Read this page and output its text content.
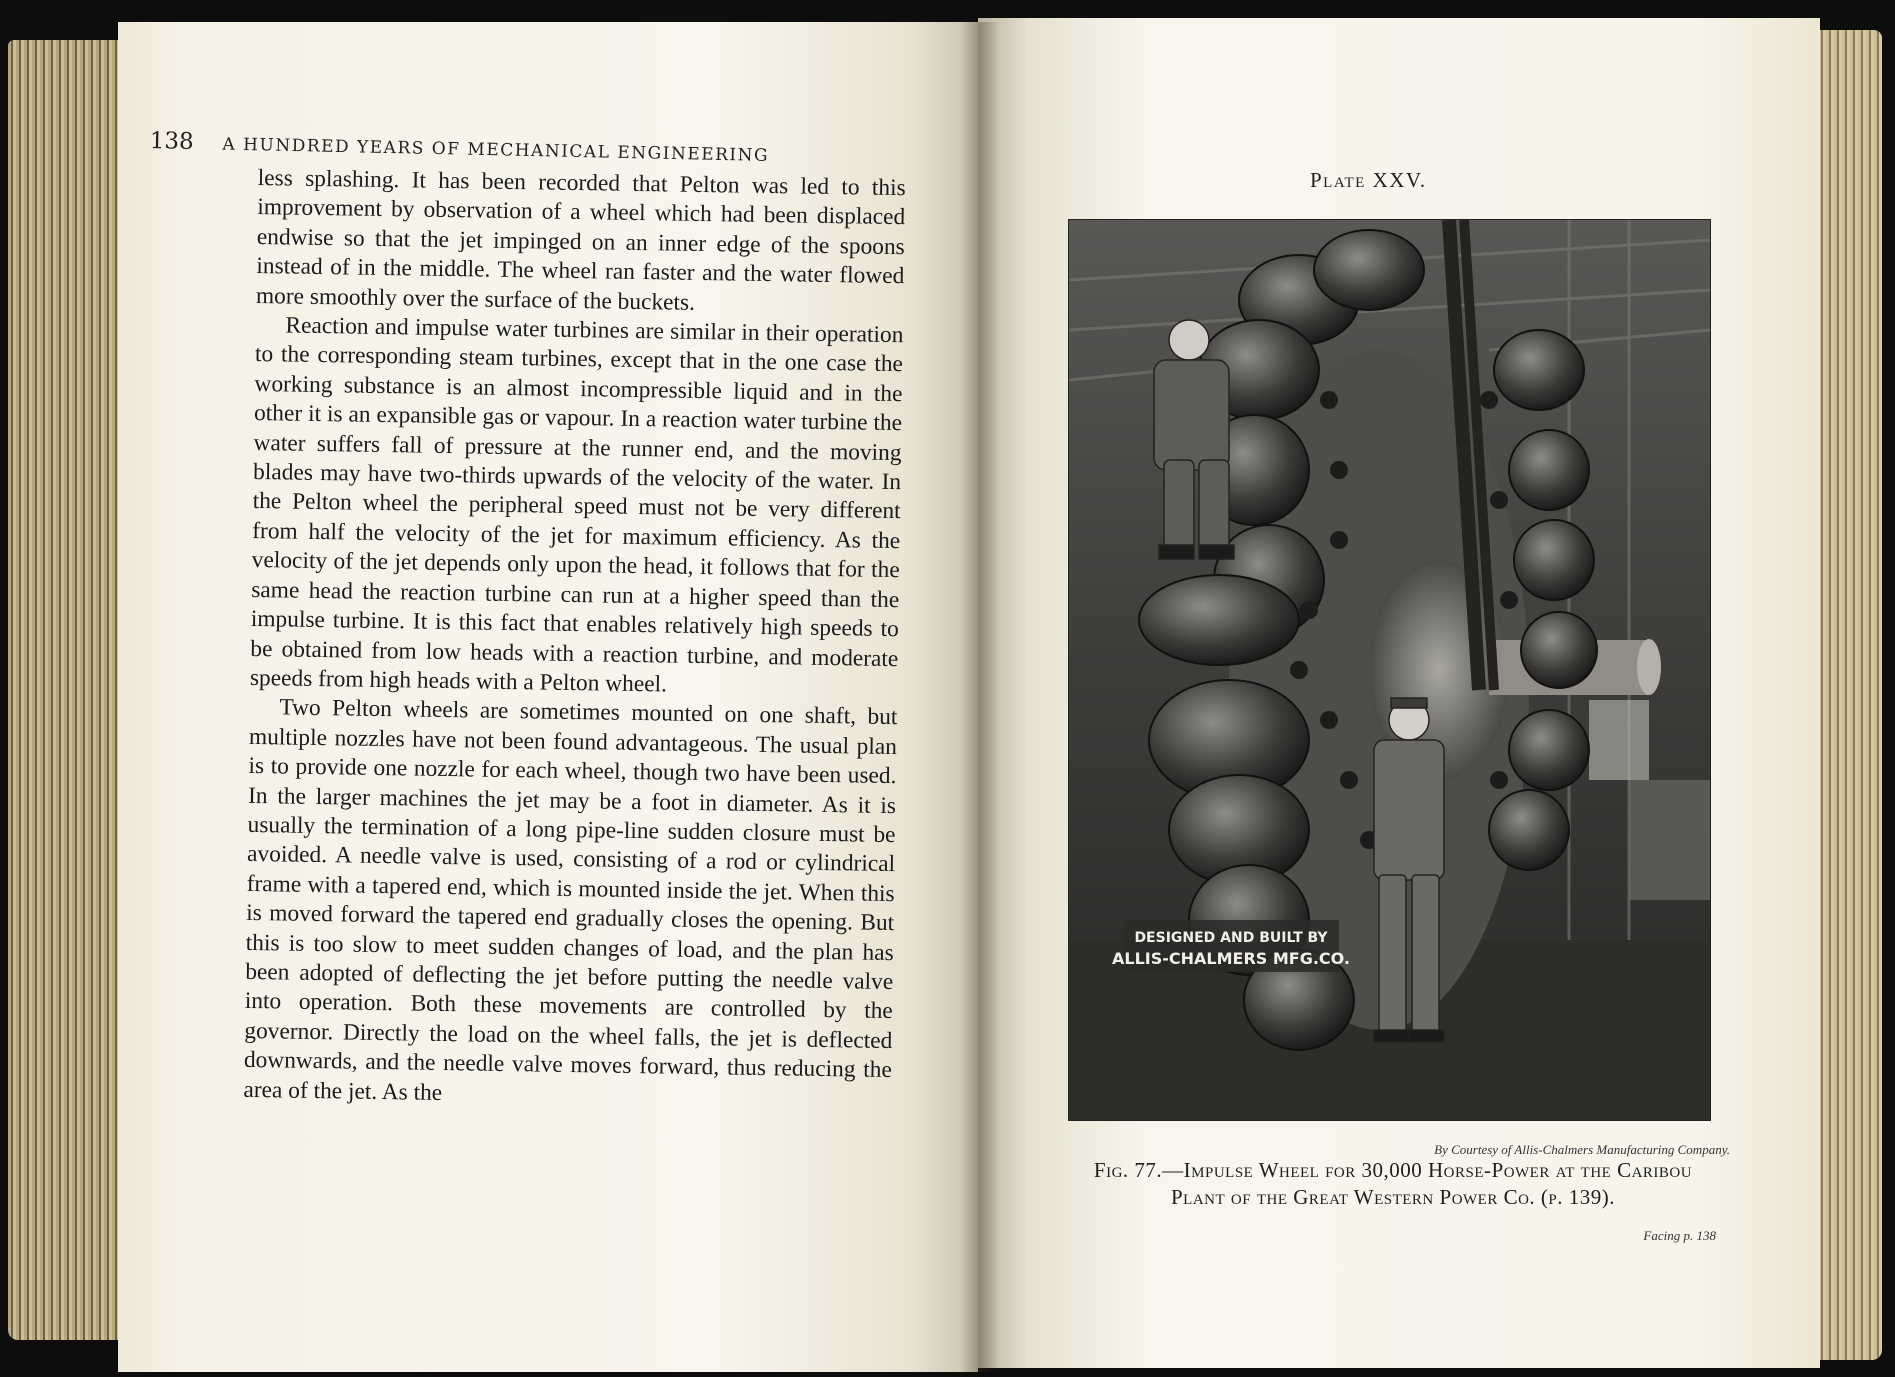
138 A HUNDRED YEARS OF MECHANICAL ENGINEERING

less splashing. It has been recorded that Pelton was led to this improvement by observation of a wheel which had been displaced endwise so that the jet impinged on an inner edge of the spoons instead of in the middle. The wheel ran faster and the water flowed more smoothly over the surface of the buckets.

Reaction and impulse water turbines are similar in their operation to the corresponding steam turbines, except that in the one case the working substance is an almost incompressible liquid and in the other it is an expansible gas or vapour. In a reaction water turbine the water suffers fall of pressure at the runner end, and the moving blades may have two-thirds upwards of the velocity of the water. In the Pelton wheel the peripheral speed must not be very different from half the velocity of the jet for maximum efficiency. As the velocity of the jet depends only upon the head, it follows that for the same head the reaction turbine can run at a higher speed than the impulse turbine. It is this fact that enables relatively high speeds to be obtained from low heads with a reaction turbine, and moderate speeds from high heads with a Pelton wheel.

Two Pelton wheels are sometimes mounted on one shaft, but multiple nozzles have not been found advantageous. The usual plan is to provide one nozzle for each wheel, though two have been used. In the larger machines the jet may be a foot in diameter. As it is usually the termination of a long pipe-line sudden closure must be avoided. A needle valve is used, consisting of a rod or cylindrical frame with a tapered end, which is mounted inside the jet. When this is moved forward the tapered end gradually closes the opening. But this is too slow to meet sudden changes of load, and the plan has been adopted of deflecting the jet before putting the needle valve into operation. Both these movements are controlled by the governor. Directly the load on the wheel falls, the jet is deflected downwards, and the needle valve moves forward, thus reducing the area of the jet. As the

Plate XXV.
DESIGNED AND BUILT BY
ALLIS-CHALMERS MFG.CO.
By Courtesy of Allis-Chalmers Manufacturing Company.
Fig. 77.—Impulse Wheel for 30,000 Horse-Power at the Caribou Plant of the Great Western Power Co. (p. 139).
Facing p. 138
